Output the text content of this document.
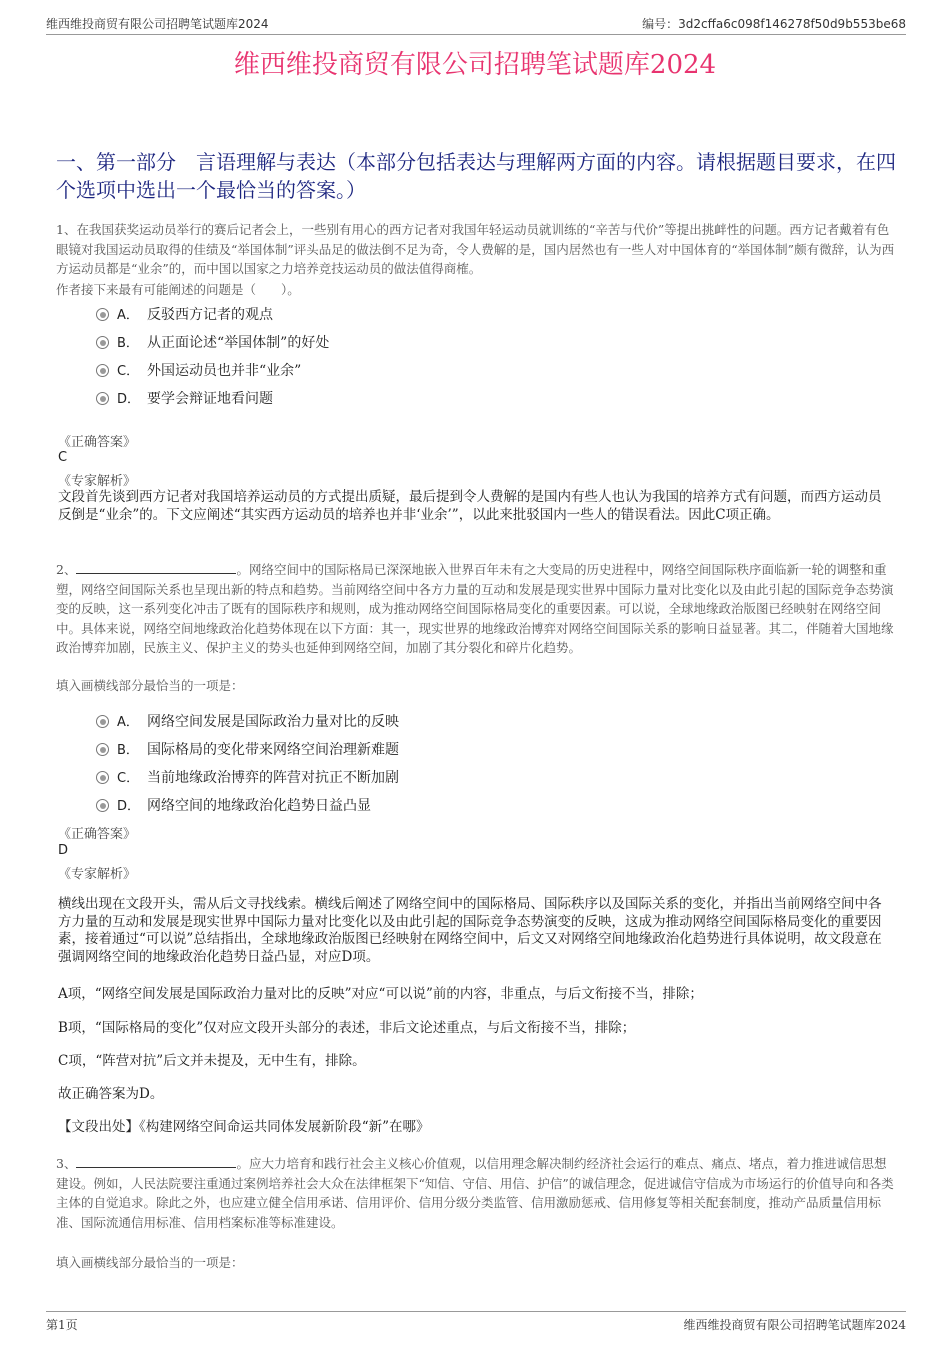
维西维投商贸有限公司招聘笔试题库2024	编号：3d2cffa6c098f146278f50d9b553be68
维西维投商贸有限公司招聘笔试题库2024
一、第一部分　言语理解与表达（本部分包括表达与理解两方面的内容。请根据题目要求，在四个选项中选出一个最恰当的答案。）
1、在我国获奖运动员举行的赛后记者会上，一些别有用心的西方记者对我国年轻运动员就训练的“辛苦与代价”等提出挑衅性的问题。西方记者戴着有色眼镜对我国运动员取得的佳绩及“举国体制”评头品足的做法倒不足为奇，令人费解的是，国内居然也有一些人对中国体育的“举国体制”颇有微辞，认为西方运动员都是“业余”的，而中国以国家之力培养竞技运动员的做法值得商榷。
作者接下来最有可能阐述的问题是（　　）。
A． 反驳西方记者的观点
B． 从正面论述“举国体制”的好处
C． 外国运动员也并非“业余”
D． 要学会辩证地看问题
《正确答案》
C
《专家解析》
文段首先谈到西方记者对我国培养运动员的方式提出质疑，最后提到令人费解的是国内有些人也认为我国的培养方式有问题，而西方运动员反倒是“业余”的。下文应阐述“其实西方运动员的培养也并非‘业余’”，以此来批驳国内一些人的错误看法。因此C项正确。
2、	。网络空间中的国际格局已深深地嵌入世界百年未有之大变局的历史进程中，网络空间国际秩序面临新一轮的调整和重塑，网络空间国际关系也呈现出新的特点和趋势。当前网络空间中各方力量的互动和发展是现实世界中国际力量对比变化以及由此引起的国际竞争态势演变的反映，这一系列变化冲击了既有的国际秩序和规则，成为推动网络空间国际格局变化的重要因素。可以说，全球地缘政治版图已经映射在网络空间中。具体来说，网络空间地缘政治化趋势体现在以下方面：其一，现实世界的地缘政治博弈对网络空间国际关系的影响日益显著。其二，伴随着大国地缘政治博弈加剧，民族主义、保护主义的势头也延伸到网络空间，加剧了其分裂化和碎片化趋势。
填入画横线部分最恰当的一项是：
A． 网络空间发展是国际政治力量对比的反映
B． 国际格局的变化带来网络空间治理新难题
C． 当前地缘政治博弈的阵营对抗正不断加剧
D． 网络空间的地缘政治化趋势日益凸显
《正确答案》
D
《专家解析》
横线出现在文段开头，需从后文寻找线索。横线后阐述了网络空间中的国际格局、国际秩序以及国际关系的变化，并指出当前网络空间中各方力量的互动和发展是现实世界中国际力量对比变化以及由此引起的国际竞争态势演变的反映，这成为推动网络空间国际格局变化的重要因素，接着通过“可以说”总结指出，全球地缘政治版图已经映射在网络空间中，后文又对网络空间地缘政治化趋势进行具体说明，故文段意在强调网络空间的地缘政治化趋势日益凸显，对应D项。
A项，“网络空间发展是国际政治力量对比的反映”对应“可以说”前的内容，非重点，与后文衔接不当，排除；
B项，“国际格局的变化”仅对应文段开头部分的表述，非后文论述重点，与后文衔接不当，排除；
C项，“阵营对抗”后文并未提及，无中生有，排除。
故正确答案为D。
【文段出处】《构建网络空间命运共同体发展新阶段“新”在哪》
3、	。应大力培育和践行社会主义核心价值观，以信用理念解决制约经济社会运行的难点、痛点、堵点，着力推进诚信思想建设。例如，人民法院要注重通过案例培养社会大众在法律框架下“知信、守信、用信、护信”的诚信理念，促进诚信守信成为市场运行的价值导向和各类主体的自觉追求。除此之外，也应建立健全信用承诺、信用评价、信用分级分类监管、信用激励惩戒、信用修复等相关配套制度，推动产品质量信用标准、国际流通信用标准、信用档案标准等标准建设。
填入画横线部分最恰当的一项是：
第1页	维西维投商贸有限公司招聘笔试题库2024
